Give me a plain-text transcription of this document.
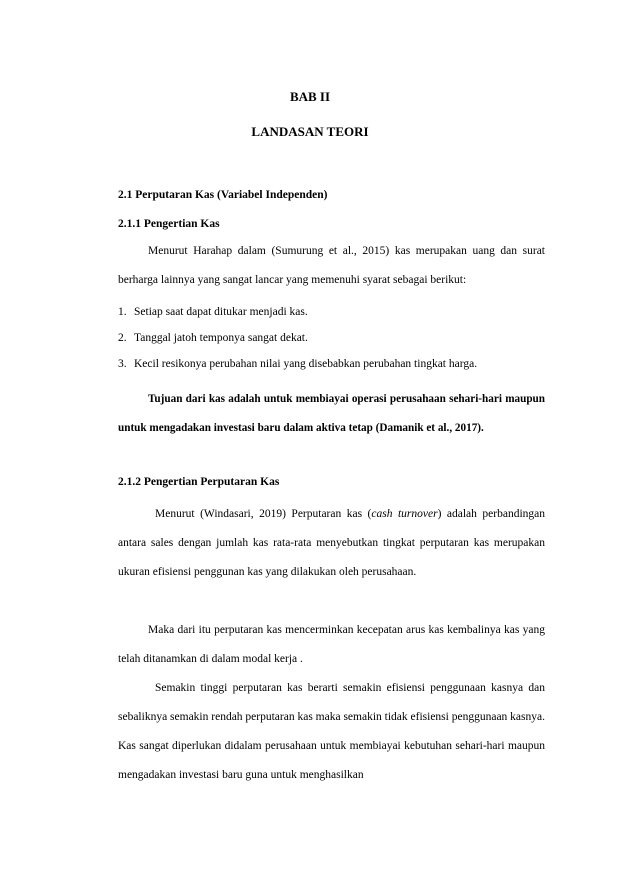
BAB II
LANDASAN TEORI
2.1 Perputaran Kas (Variabel Independen)
2.1.1 Pengertian Kas

Menurut Harahap dalam (Sumurung et al., 2015) kas merupakan uang dan surat berharga lainnya yang sangat lancar yang memenuhi syarat sebagai berikut:

1. Setiap saat dapat ditukar menjadi kas.
2. Tanggal jatoh temponya sangat dekat.
3. Kecil resikonya perubahan nilai yang disebabkan perubahan tingkat harga.

Tujuan dari kas adalah untuk membiayai operasi perusahaan sehari-hari maupun untuk mengadakan investasi baru dalam aktiva tetap (Damanik et al., 2017).

2.1.2 Pengertian Perputaran Kas

Menurut (Windasari, 2019) Perputaran kas (cash turnover) adalah perbandingan antara sales dengan jumlah kas rata-rata menyebutkan tingkat perputaran kas merupakan ukuran efisiensi penggunan kas yang dilakukan oleh perusahaan.

Maka dari itu perputaran kas mencerminkan kecepatan arus kas kembalinya kas yang telah ditanamkan di dalam modal kerja .

Semakin tinggi perputaran kas berarti semakin efisiensi penggunaan kasnya dan sebaliknya semakin rendah perputaran kas maka semakin tidak efisiensi penggunaan kasnya. Kas sangat diperlukan didalam perusahaan untuk membiayai kebutuhan sehari-hari maupun mengadakan investasi baru guna untuk menghasilkan
